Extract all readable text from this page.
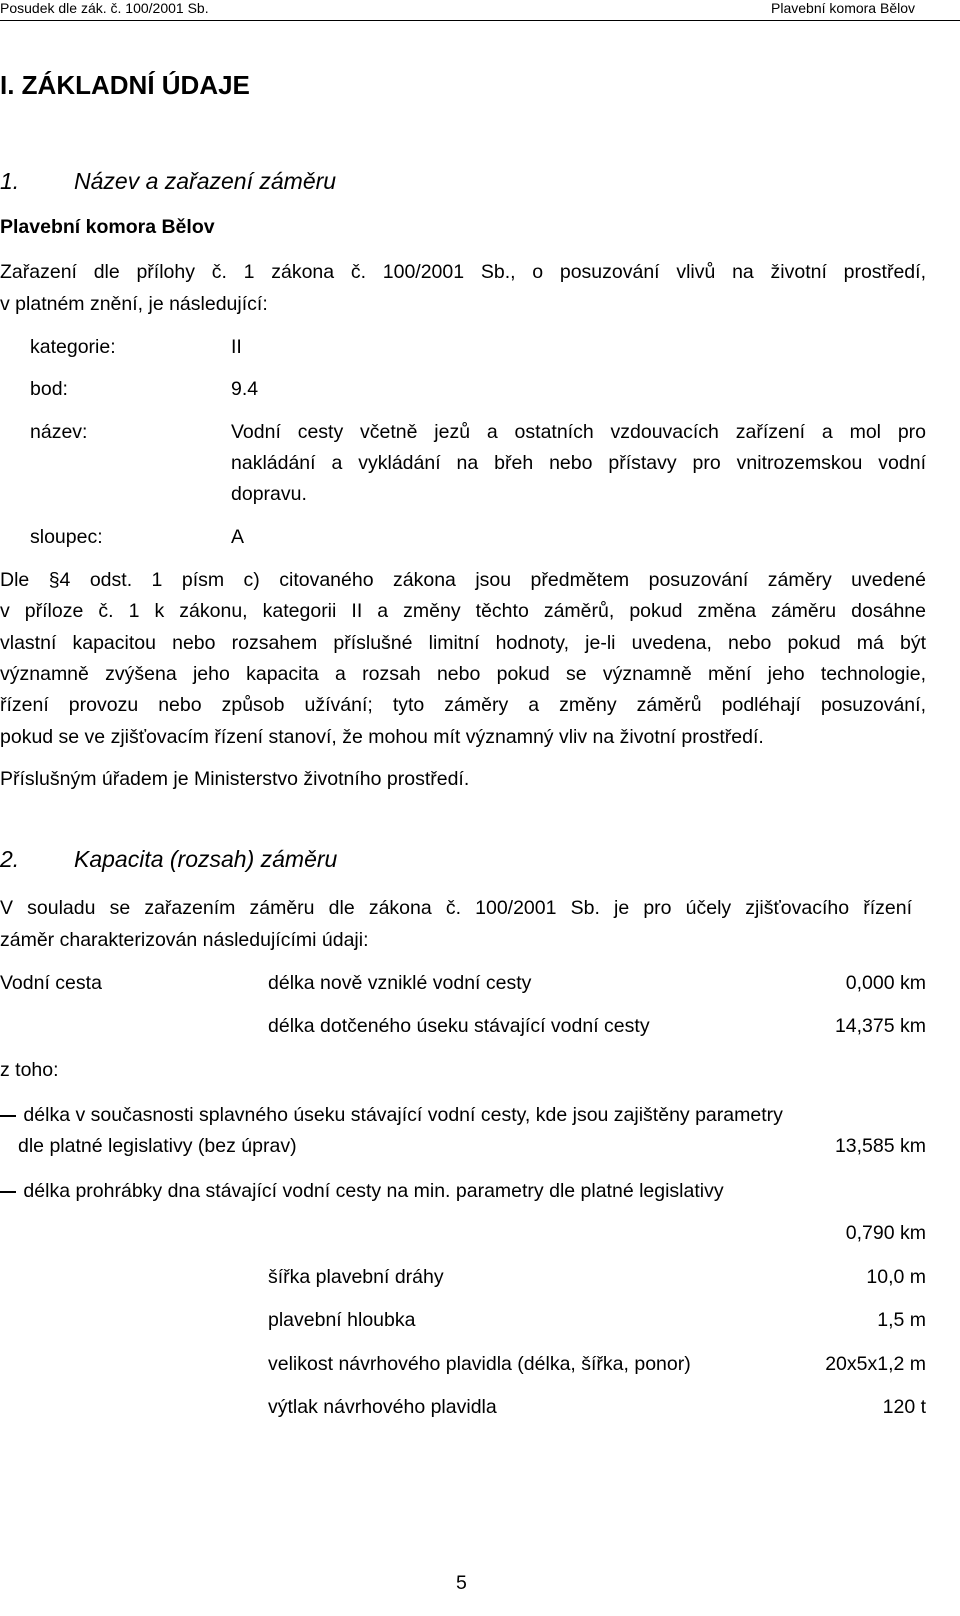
Posudek dle zák. č. 100/2001 Sb.	Plavební komora Bělov
I. ZÁKLADNÍ ÚDAJE
1. Název a zařazení záměru
Plavební komora Bělov
Zařazení dle přílohy č. 1 zákona č. 100/2001 Sb., o posuzování vlivů na životní prostředí,
v platném znění, je následující:
kategorie:	II
bod:	9.4
název:	Vodní cesty včetně jezů a ostatních vzdouvacích zařízení a mol pro
nakládání a vykládání na břeh nebo přístavy pro vnitrozemskou vodní
dopravu.
sloupec:	A
Dle §4 odst. 1 písm c) citovaného zákona jsou předmětem posuzování záměry uvedené
v příloze č. 1 k zákonu, kategorii II a změny těchto záměrů, pokud změna záměru dosáhne
vlastní kapacitou nebo rozsahem příslušné limitní hodnoty, je-li uvedena, nebo pokud má být
významně zvýšena jeho kapacita a rozsah nebo pokud se významně mění jeho technologie,
řízení provozu nebo způsob užívání; tyto záměry a změny záměrů podléhají posuzování,
pokud se ve zjišťovacím řízení stanoví, že mohou mít významný vliv na životní prostředí.
Příslušným úřadem je Ministerstvo životního prostředí.
2. Kapacita (rozsah) záměru
V souladu se zařazením záměru dle zákona č. 100/2001 Sb. je pro účely zjišťovacího řízení
záměr charakterizován následujícími údaji:
Vodní cesta	délka nově vzniklé vodní cesty	0,000 km
délka dotčeného úseku stávající vodní cesty	14,375 km
z toho:
délka v současnosti splavného úseku stávající vodní cesty, kde jsou zajištěny parametry
dle platné legislativy (bez úprav)	13,585 km
délka prohrábky dna stávající vodní cesty na min. parametry dle platné legislativy
0,790 km
šířka plavební dráhy	10,0 m
plavební hloubka	1,5 m
velikost návrhového plavidla (délka, šířka, ponor)	20x5x1,2 m
výtlak návrhového plavidla	120 t
5
